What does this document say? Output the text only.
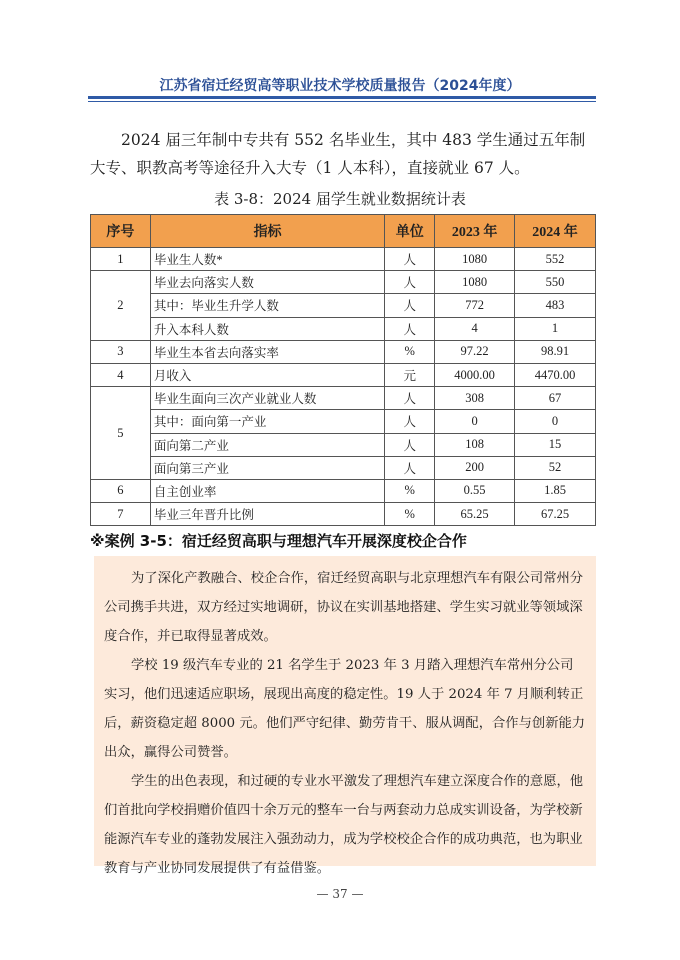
江苏省宿迁经贸高等职业技术学校质量报告（2024年度）

2024 届三年制中专共有 552 名毕业生，其中 483 学生通过五年制大专、职教高考等途径升入大专（1 人本科），直接就业 67 人。

表 3-8：2024 届学生就业数据统计表
序号	指标	单位	2023 年	2024 年
1	毕业生人数*	人	1080	552
2	毕业去向落实人数	人	1080	550
	其中：毕业生升学人数	人	772	483
	升入本科人数	人	4	1
3	毕业生本省去向落实率	%	97.22	98.91
4	月收入	元	4000.00	4470.00
5	毕业生面向三次产业就业人数	人	308	67
	其中：面向第一产业	人	0	0
	面向第二产业	人	108	15
	面向第三产业	人	200	52
6	自主创业率	%	0.55	1.85
7	毕业三年晋升比例	%	65.25	67.25
※案例 3-5：宿迁经贸高职与理想汽车开展深度校企合作

为了深化产教融合、校企合作，宿迁经贸高职与北京理想汽车有限公司常州分公司携手共进，双方经过实地调研，协议在实训基地搭建、学生实习就业等领域深度合作，并已取得显著成效。

学校 19 级汽车专业的 21 名学生于 2023 年 3 月踏入理想汽车常州分公司实习，他们迅速适应职场，展现出高度的稳定性。19 人于 2024 年 7 月顺利转正后，薪资稳定超 8000 元。他们严守纪律、勤劳肯干、服从调配，合作与创新能力出众，赢得公司赞誉。

学生的出色表现，和过硬的专业水平激发了理想汽车建立深度合作的意愿，他们首批向学校捐赠价值四十余万元的整车一台与两套动力总成实训设备，为学校新能源汽车专业的蓬勃发展注入强劲动力，成为学校校企合作的成功典范，也为职业教育与产业协同发展提供了有益借鉴。

— 37 —
